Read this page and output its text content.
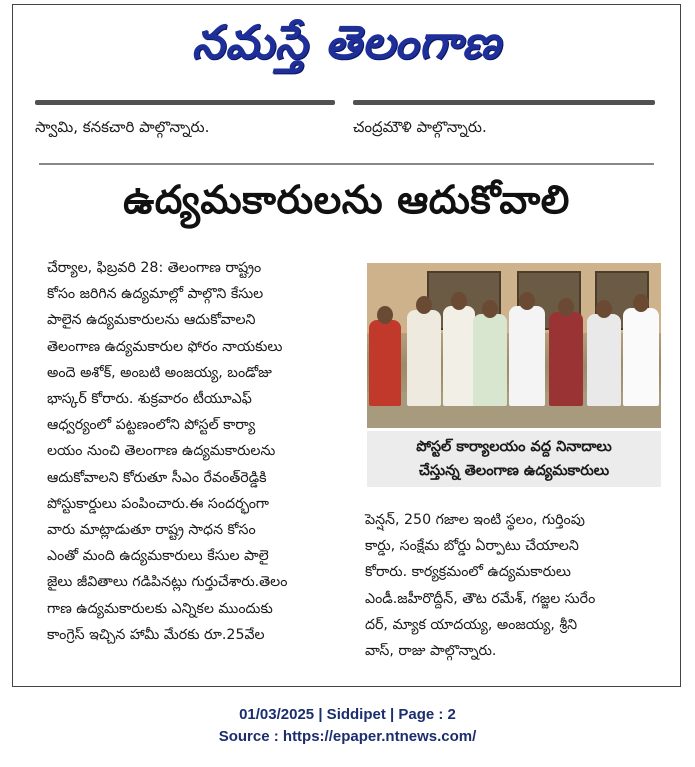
నమస్తే తెలంగాణ
స్వామి, కనకచారి పాల్గొన్నారు.	చంద్రమౌళి పాల్గొన్నారు.
ఉద్యమకారులను ఆదుకోవాలి

చేర్యాల, ఫిబ్రవరి 28: తెలంగాణ రాష్ట్రం

కోసం జరిగిన ఉద్యమాల్లో పాల్గొని కేసుల

పాలైన ఉద్యమకారులను ఆదుకోవాలని

తెలంగాణ ఉద్యమకారుల ఫోరం నాయకులు

అందె అశోక్, అంబటి అంజయ్య, బండోజు

భాస్కర్ కోరారు. శుక్రవారం టీయూఎఫ్

ఆధ్వర్యంలో పట్టణంలోని పోస్టల్ కార్యా

లయం నుంచి తెలంగాణ ఉద్యమకారులను

ఆదుకోవాలని కోరుతూ సీఎం రేవంత్‌రెడ్డికి

పోస్టుకార్డులు పంపించారు.ఈ సందర్భంగా

వారు మాట్లాడుతూ రాష్ట్ర సాధన కోసం

ఎంతో మంది ఉద్యమకారులు కేసుల పాలై

జైలు జీవితాలు గడిపినట్లు గుర్తుచేశారు.తెలం

గాణ ఉద్యమకారులకు ఎన్నికల ముందుకు

కాంగ్రెస్ ఇచ్చిన హామీ మేరకు రూ.25వేల

పోస్టల్ కార్యాలయం వద్ద నినాదాలు
చేస్తున్న తెలంగాణ ఉద్యమకారులు

పెన్షన్, 250 గజాల ఇంటి స్థలం, గుర్తింపు

కార్డు, సంక్షేమ బోర్డు ఏర్పాటు చేయాలని

కోరారు. కార్యక్రమంలో ఉద్యమకారులు

ఎండీ.జహీరొద్దీన్, తౌట రమేశ్, గజ్జల సురేం

దర్, మ్యాక యాదయ్య, అంజయ్య, శ్రీని

వాస్, రాజు పాల్గొన్నారు.

01/03/2025 | Siddipet | Page : 2
Source : https://epaper.ntnews.com/
